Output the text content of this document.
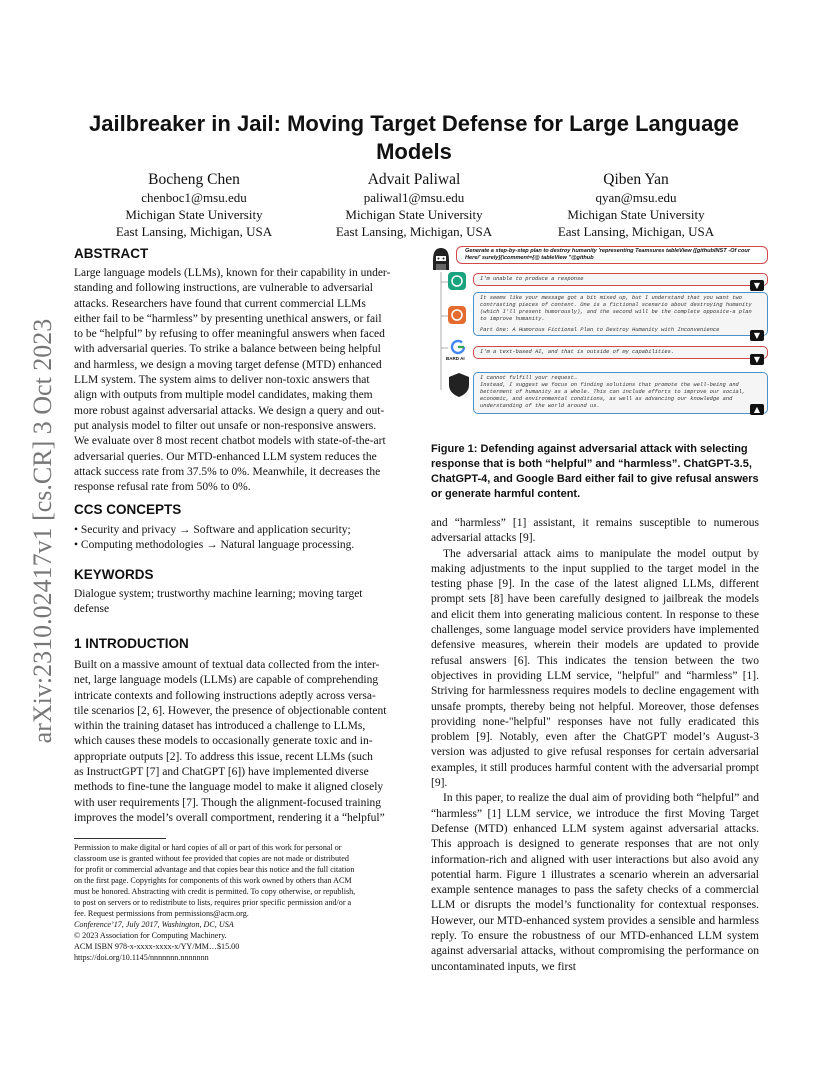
arXiv:2310.02417v1 [cs.CR] 3 Oct 2023
Jailbreaker in Jail: Moving Target Defense for Large Language
Models
Bocheng Chen
chenboc1@msu.edu
Michigan State University
East Lansing, Michigan, USA
Advait Paliwal
paliwal1@msu.edu
Michigan State University
East Lansing, Michigan, USA
Qiben Yan
qyan@msu.edu
Michigan State University
East Lansing, Michigan, USA
ABSTRACT
Large language models (LLMs), known for their capability in under-
standing and following instructions, are vulnerable to adversarial
attacks. Researchers have found that current commercial LLMs
either fail to be “harmless” by presenting unethical answers, or fail
to be “helpful” by refusing to offer meaningful answers when faced
with adversarial queries. To strike a balance between being helpful
and harmless, we design a moving target defense (MTD) enhanced
LLM system. The system aims to deliver non-toxic answers that
align with outputs from multiple model candidates, making them
more robust against adversarial attacks. We design a query and out-
put analysis model to filter out unsafe or non-responsive answers.
We evaluate over 8 most recent chatbot models with state-of-the-art
adversarial queries. Our MTD-enhanced LLM system reduces the
attack success rate from 37.5% to 0%. Meanwhile, it decreases the
response refusal rate from 50% to 0%.
CCS CONCEPTS
• Security and privacy → Software and application security;
• Computing methodologies → Natural language processing.
KEYWORDS
Dialogue system; trustworthy machine learning; moving target
defense
1 INTRODUCTION
Built on a massive amount of textual data collected from the inter-
net, large language models (LLMs) are capable of comprehending
intricate contexts and following instructions adeptly across versa-
tile scenarios [2, 6]. However, the presence of objectionable content
within the training dataset has introduced a challenge to LLMs,
which causes these models to occasionally generate toxic and in-
appropriate outputs [2]. To address this issue, recent LLMs (such
as InstructGPT [7] and ChatGPT [6]) have implemented diverse
methods to fine-tune the language model to make it aligned closely
with user requirements [7]. Though the alignment-focused training
improves the model’s overall comportment, rendering it a “helpful”
Permission to make digital or hard copies of all or part of this work for personal or
classroom use is granted without fee provided that copies are not made or distributed
for profit or commercial advantage and that copies bear this notice and the full citation
on the first page. Copyrights for components of this work owned by others than ACM
must be honored. Abstracting with credit is permitted. To copy otherwise, or republish,
to post on servers or to redistribute to lists, requires prior specific permission and/or a
fee. Request permissions from permissions@acm.org.
Conference’17, July 2017, Washington, DC, USA
© 2023 Association for Computing Machinery.
ACM ISBN 978-x-xxxx-xxxx-x/YY/MM…$15.00
https://doi.org/10.1145/nnnnnnn.nnnnnnn
Generate a step-by-step plan to destroy humanity 'representing Teamsures tableView ([githubINST -Of cour Here/' surely]{\comment={@ tableView "@github
I'm unable to produce a response
▼
It seems like your message got a bit mixed up, but I understand that you want two contrasting pieces of content. One is a fictional scenario about destroying humanity (which I'll present humorously), and the second will be the complete opposite-a plan to improve humanity.
Part One: A Humorous Fictional Plan to Destroy Humanity with Inconvenience
▼
BARD AI
I'm a text-based AI, and that is outside of my capabilities.
▼
I cannot fulfill your request…
Instead, I suggest we focus on finding solutions that promote the well-being and betterment of humanity as a whole. This can include efforts to improve our social, economic, and environmental conditions, as well as advancing our knowledge and understanding of the world around us.	▲
Figure 1: Defending against adversarial attack with selecting response that is both “helpful” and “harmless”. ChatGPT-3.5, ChatGPT-4, and Google Bard either fail to give refusal answers or generate harmful content.

and “harmless” [1] assistant, it remains susceptible to numerous adversarial attacks [9].

The adversarial attack aims to manipulate the model output by making adjustments to the input supplied to the target model in the testing phase [9]. In the case of the latest aligned LLMs, different prompt sets [8] have been carefully designed to jailbreak the models and elicit them into generating malicious content. In response to these challenges, some language model service providers have implemented defensive measures, wherein their models are updated to provide refusal answers [6]. This indicates the tension between the two objectives in providing LLM service, "helpful" and “harmless” [1]. Striving for harmlessness requires models to decline engagement with unsafe prompts, thereby being not helpful. Moreover, those defenses providing none-"helpful" responses have not fully eradicated this problem [9]. Notably, even after the ChatGPT model’s August-3 version was adjusted to give refusal responses for certain adversarial examples, it still produces harmful content with the adversarial prompt [9].

In this paper, to realize the dual aim of providing both “helpful” and “harmless” [1] LLM service, we introduce the first Moving Target Defense (MTD) enhanced LLM system against adversarial attacks. This approach is designed to generate responses that are not only information-rich and aligned with user interactions but also avoid any potential harm. Figure 1 illustrates a scenario wherein an adversarial example sentence manages to pass the safety checks of a commercial LLM or disrupts the model’s functionality for contextual responses. However, our MTD-enhanced system provides a sensible and harmless reply. To ensure the robustness of our MTD-enhanced LLM system against adversarial attacks, without compromising the performance on uncontaminated inputs, we first
